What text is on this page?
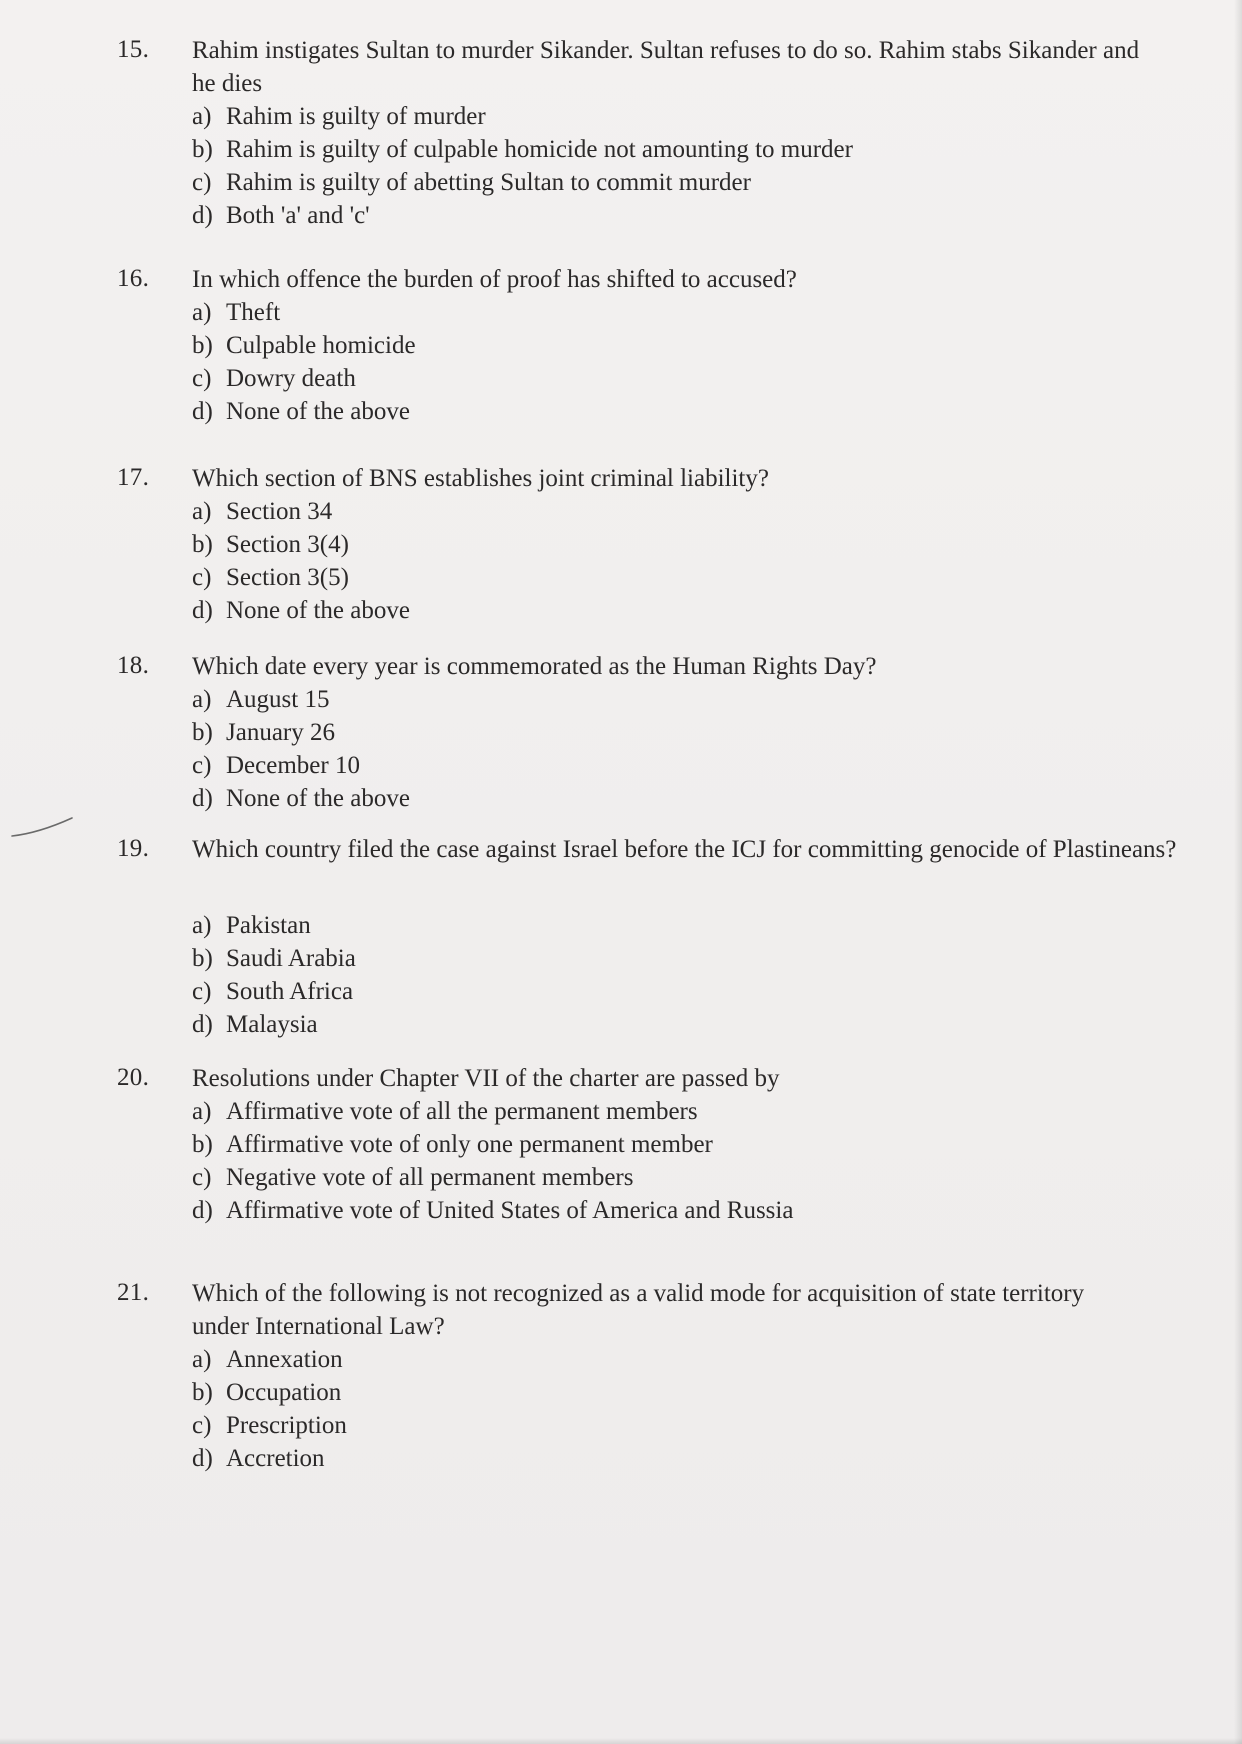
15. Rahim instigates Sultan to murder Sikander. Sultan refuses to do so. Rahim stabs Sikander and he dies
a) Rahim is guilty of murder
b) Rahim is guilty of culpable homicide not amounting to murder
c) Rahim is guilty of abetting Sultan to commit murder
d) Both 'a' and 'c'
16. In which offence the burden of proof has shifted to accused?
a) Theft
b) Culpable homicide
c) Dowry death
d) None of the above
17. Which section of BNS establishes joint criminal liability?
a) Section 34
b) Section 3(4)
c) Section 3(5)
d) None of the above
18. Which date every year is commemorated as the Human Rights Day?
a) August 15
b) January 26
c) December 10
d) None of the above
19. Which country filed the case against Israel before the ICJ for committing genocide of Plastineans?
a) Pakistan
b) Saudi Arabia
c) South Africa
d) Malaysia
20. Resolutions under Chapter VII of the charter are passed by
a) Affirmative vote of all the permanent members
b) Affirmative vote of only one permanent member
c) Negative vote of all permanent members
d) Affirmative vote of United States of America and Russia
21. Which of the following is not recognized as a valid mode for acquisition of state territory under International Law?
a) Annexation
b) Occupation
c) Prescription
d) Accretion
